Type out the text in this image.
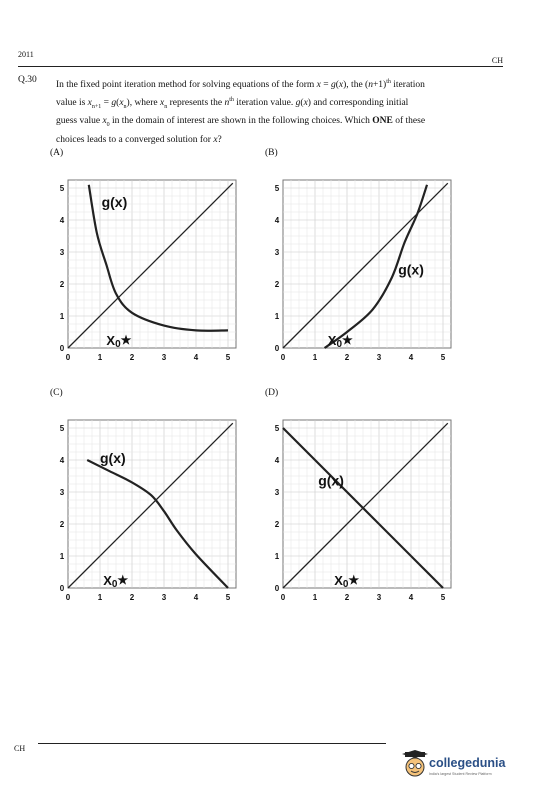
2011
CH
Q.30
In the fixed point iteration method for solving equations of the form x = g(x), the $(n+1)^{th}$ iteration
value is $x_{n+1} = g(x_n)$, where $x_n$ represents the $n^{th}$ iteration value. g(x) and corresponding initial
guess value $x_0$ in the domain of interest are shown in the following choices. Which ONE of these
choices leads to a converged solution for x?
(A)
0	1	2	3	4	5
0
1
2
3
4
5
g(x)
X0★
(B)
0	1	2	3	4	5
0
1
2
3
4
5
g(x)
X0★
(C)
0	1	2	3	4	5
0
1
2
3
4
5
g(x)
X0★
(D)
0	1	2	3	4	5
0
1
2
3
4
5
g(x)
X0★
CH
collegedunia
India's largest Student Review Platform
